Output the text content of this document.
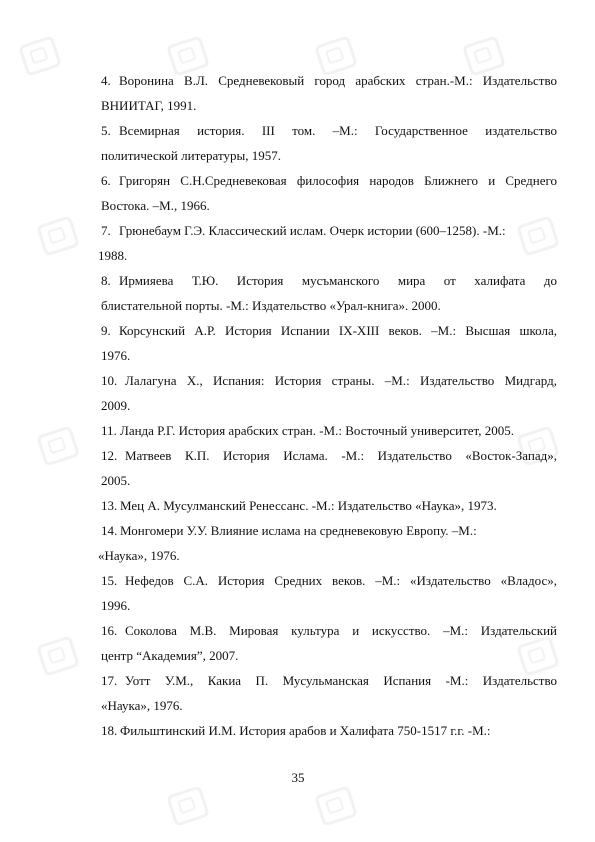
4. Воронина В.Л. Средневековый город арабских стран.-М.: Издательство
ВНИИТАГ, 1991.
5. Всемирная история. III том. –М.: Государственное издательство
политической литературы, 1957.
6. Григорян С.Н.Средневековая философия народов Ближнего и Среднего
Востока. –М., 1966.
7. Грюнебаум Г.Э. Классический ислам. Очерк истории (600–1258). -М.:
1988.
8. Ирмияева Т.Ю. История мусъманского мира от халифата до
блистательной порты. -М.: Издательство «Урал-книга». 2000.
9. Корсунский А.Р. История Испании IX-XIII веков. –М.: Высшая школа,
1976.
10. Лалагуна Х., Испания: История страны. –М.: Издательство Мидгард,
2009.
11. Ланда Р.Г. История арабских стран. -М.: Восточный университет, 2005.
12. Матвеев К.П. История Ислама. -М.: Издательство «Восток-Запад»,
2005.
13. Мец А. Мусулманский Ренессанс. -М.: Издательство «Наука», 1973.
14. Монгомери У.У. Влияние ислама на средневековую Европу. –М.:
«Наука», 1976.
15. Нефедов С.А. История Средних веков. –М.: «Издательство «Владос»,
1996.
16. Соколова М.В. Мировая культура и искусство. –М.: Издательский
центр “Академия”, 2007.
17. Уотт У.М., Какиа П. Мусульманская Испания -М.: Издательство
«Наука», 1976.
18. Фильштинский И.М. История арабов и Халифата 750-1517 г.г. -М.:
35
